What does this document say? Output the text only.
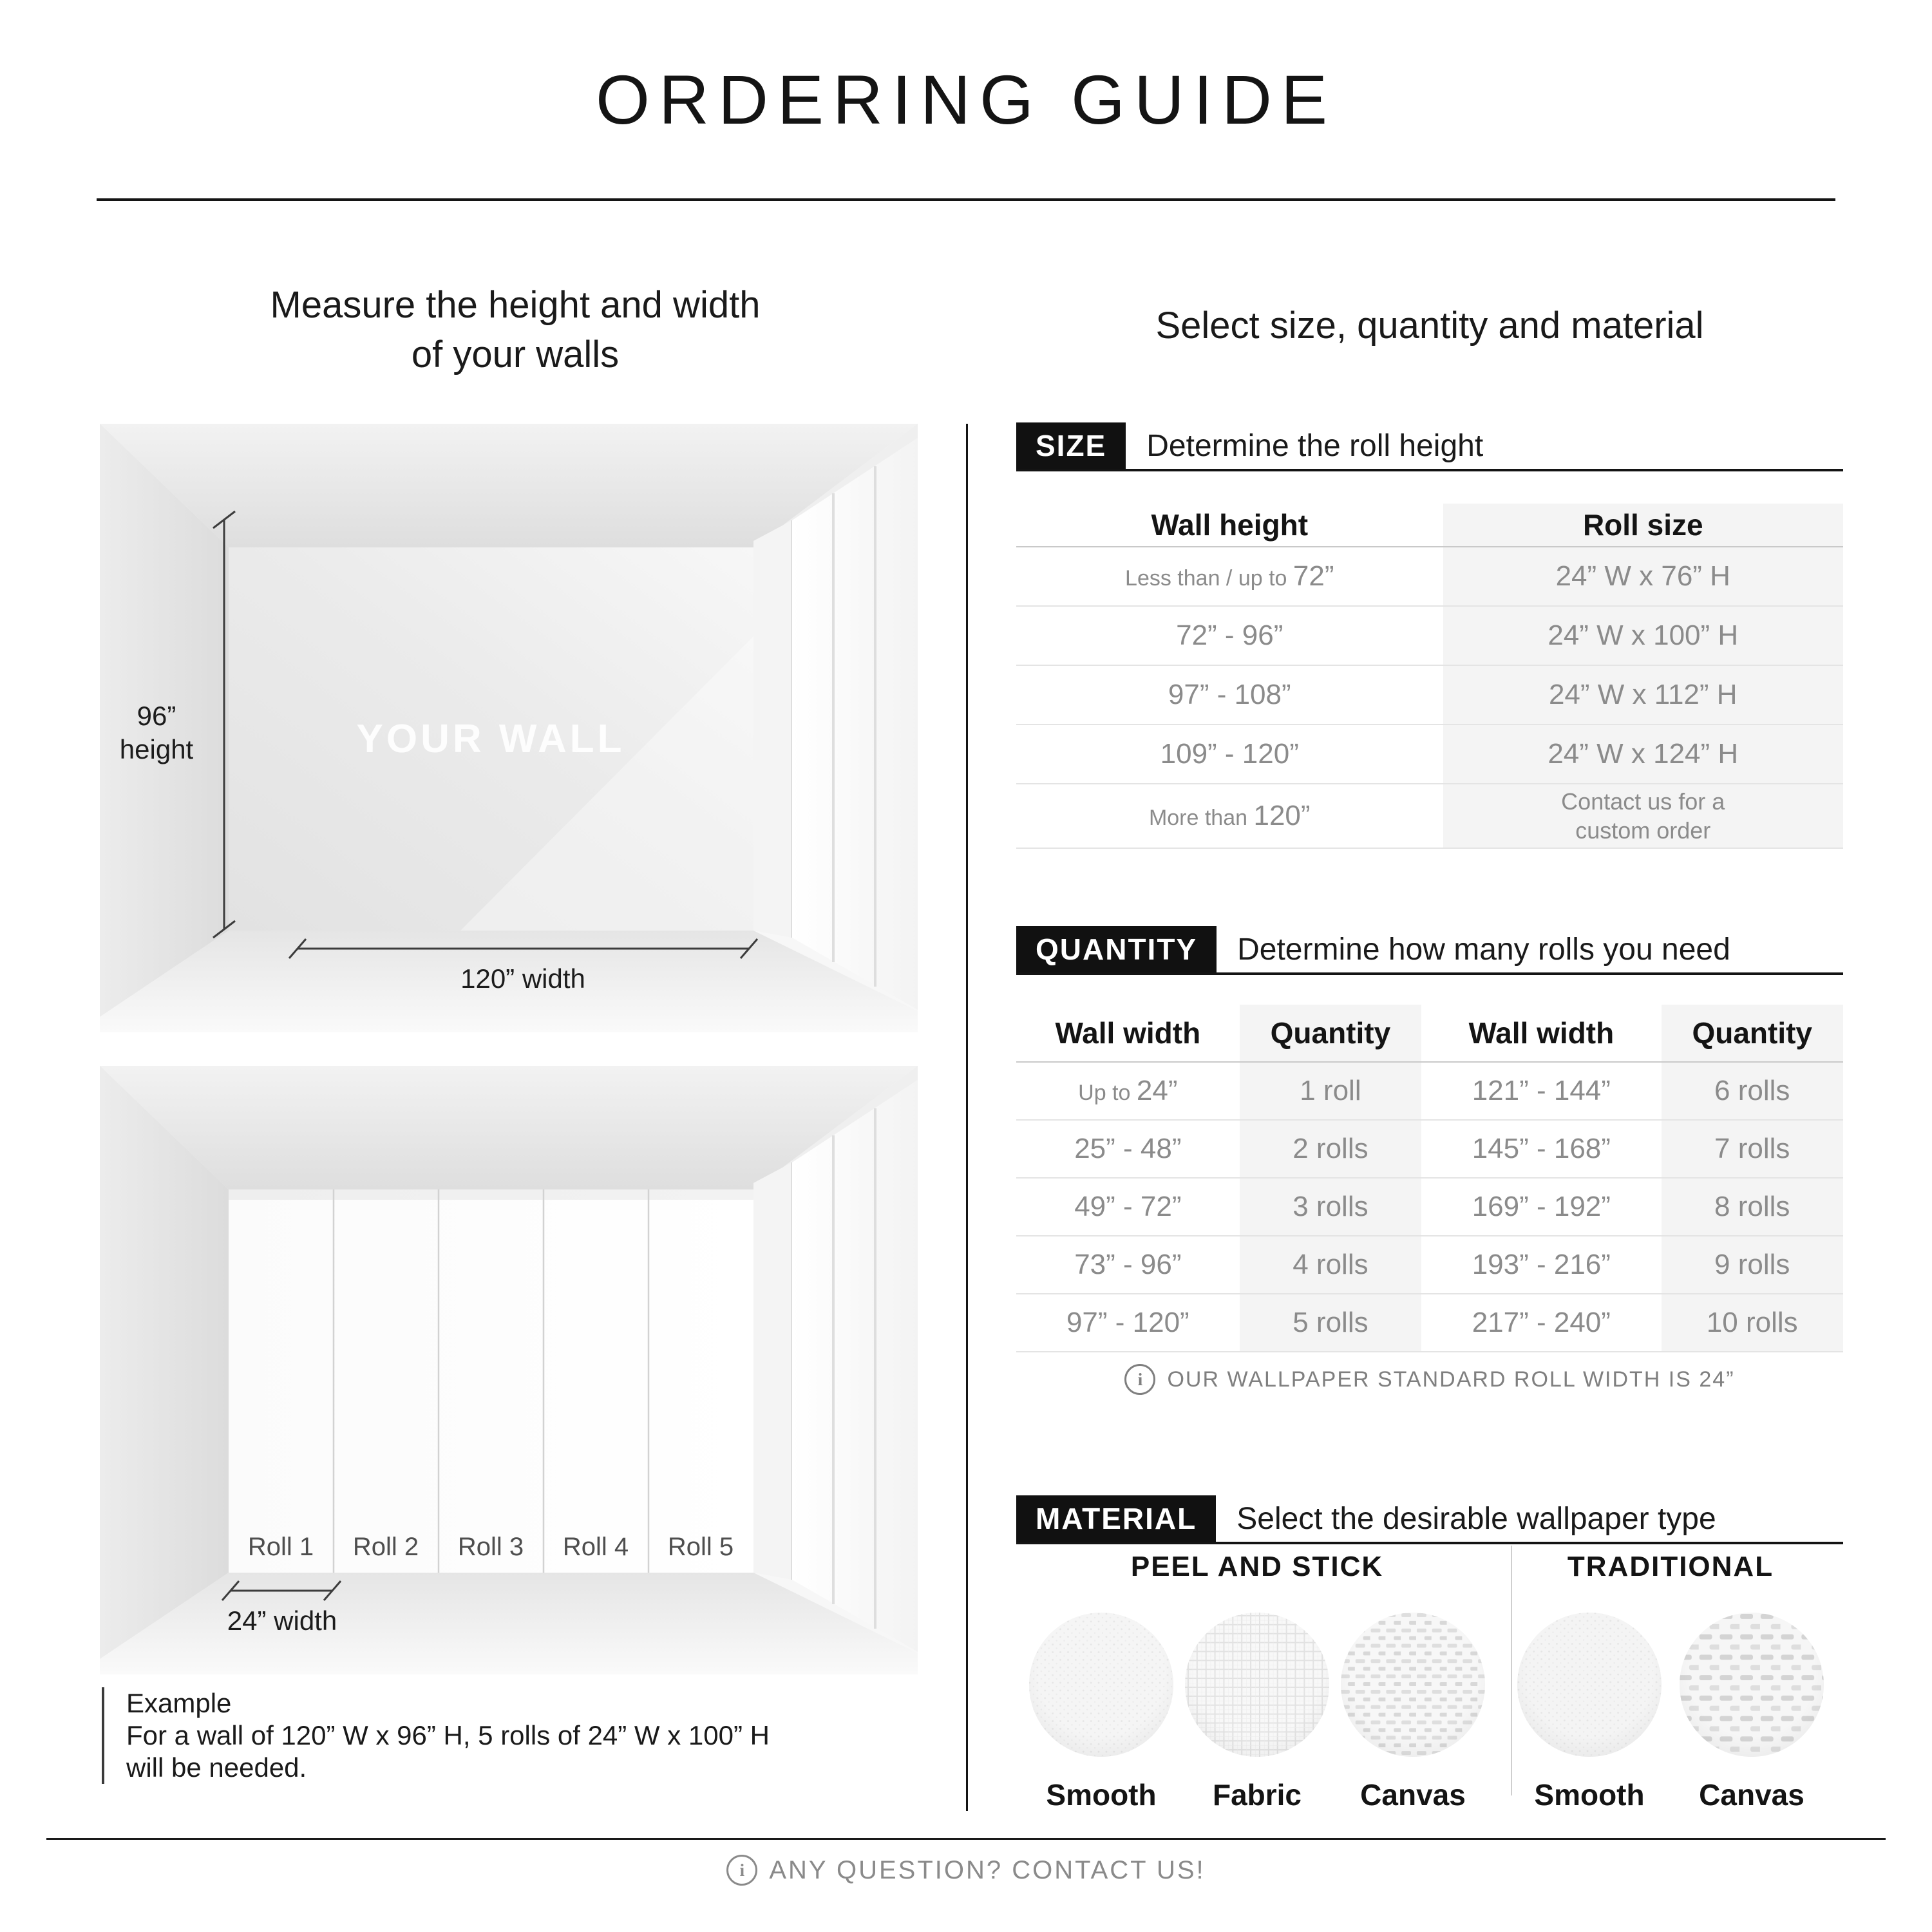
ORDERING GUIDE
Measure the height and width
of your walls
Select size, quantity and material
96”
height	YOUR WALL
120” width
Roll 1 Roll 2 Roll 3 Roll 4 Roll 5
24” width
SIZE	Determine the roll height
Wall height	Roll size
Less than / up to 72”	24” W x 76” H
72” - 96”	24” W x 100” H
97” - 108”	24” W x 112” H
109” - 120”	24” W x 124” H
More than 120”	Contact us for a custom order
QUANTITY	Determine how many rolls you need
Wall width	Quantity	Wall width	Quantity
Up to 24”	1 roll	121” - 144”	6 rolls
25” - 48”	2 rolls	145” - 168”	7 rolls
49” - 72”	3 rolls	169” - 192”	8 rolls
73” - 96”	4 rolls	193” - 216”	9 rolls
97” - 120”	5 rolls	217” - 240”	10 rolls
i	OUR WALLPAPER STANDARD ROLL WIDTH IS 24”
MATERIAL	Select the desirable wallpaper type
PEEL AND STICK
Smooth Fabric Canvas
TRADITIONAL
Smooth Canvas
Example
For a wall of 120” W x 96” H, 5 rolls of 24” W x 100” H
will be needed.
i ANY QUESTION? CONTACT US!
